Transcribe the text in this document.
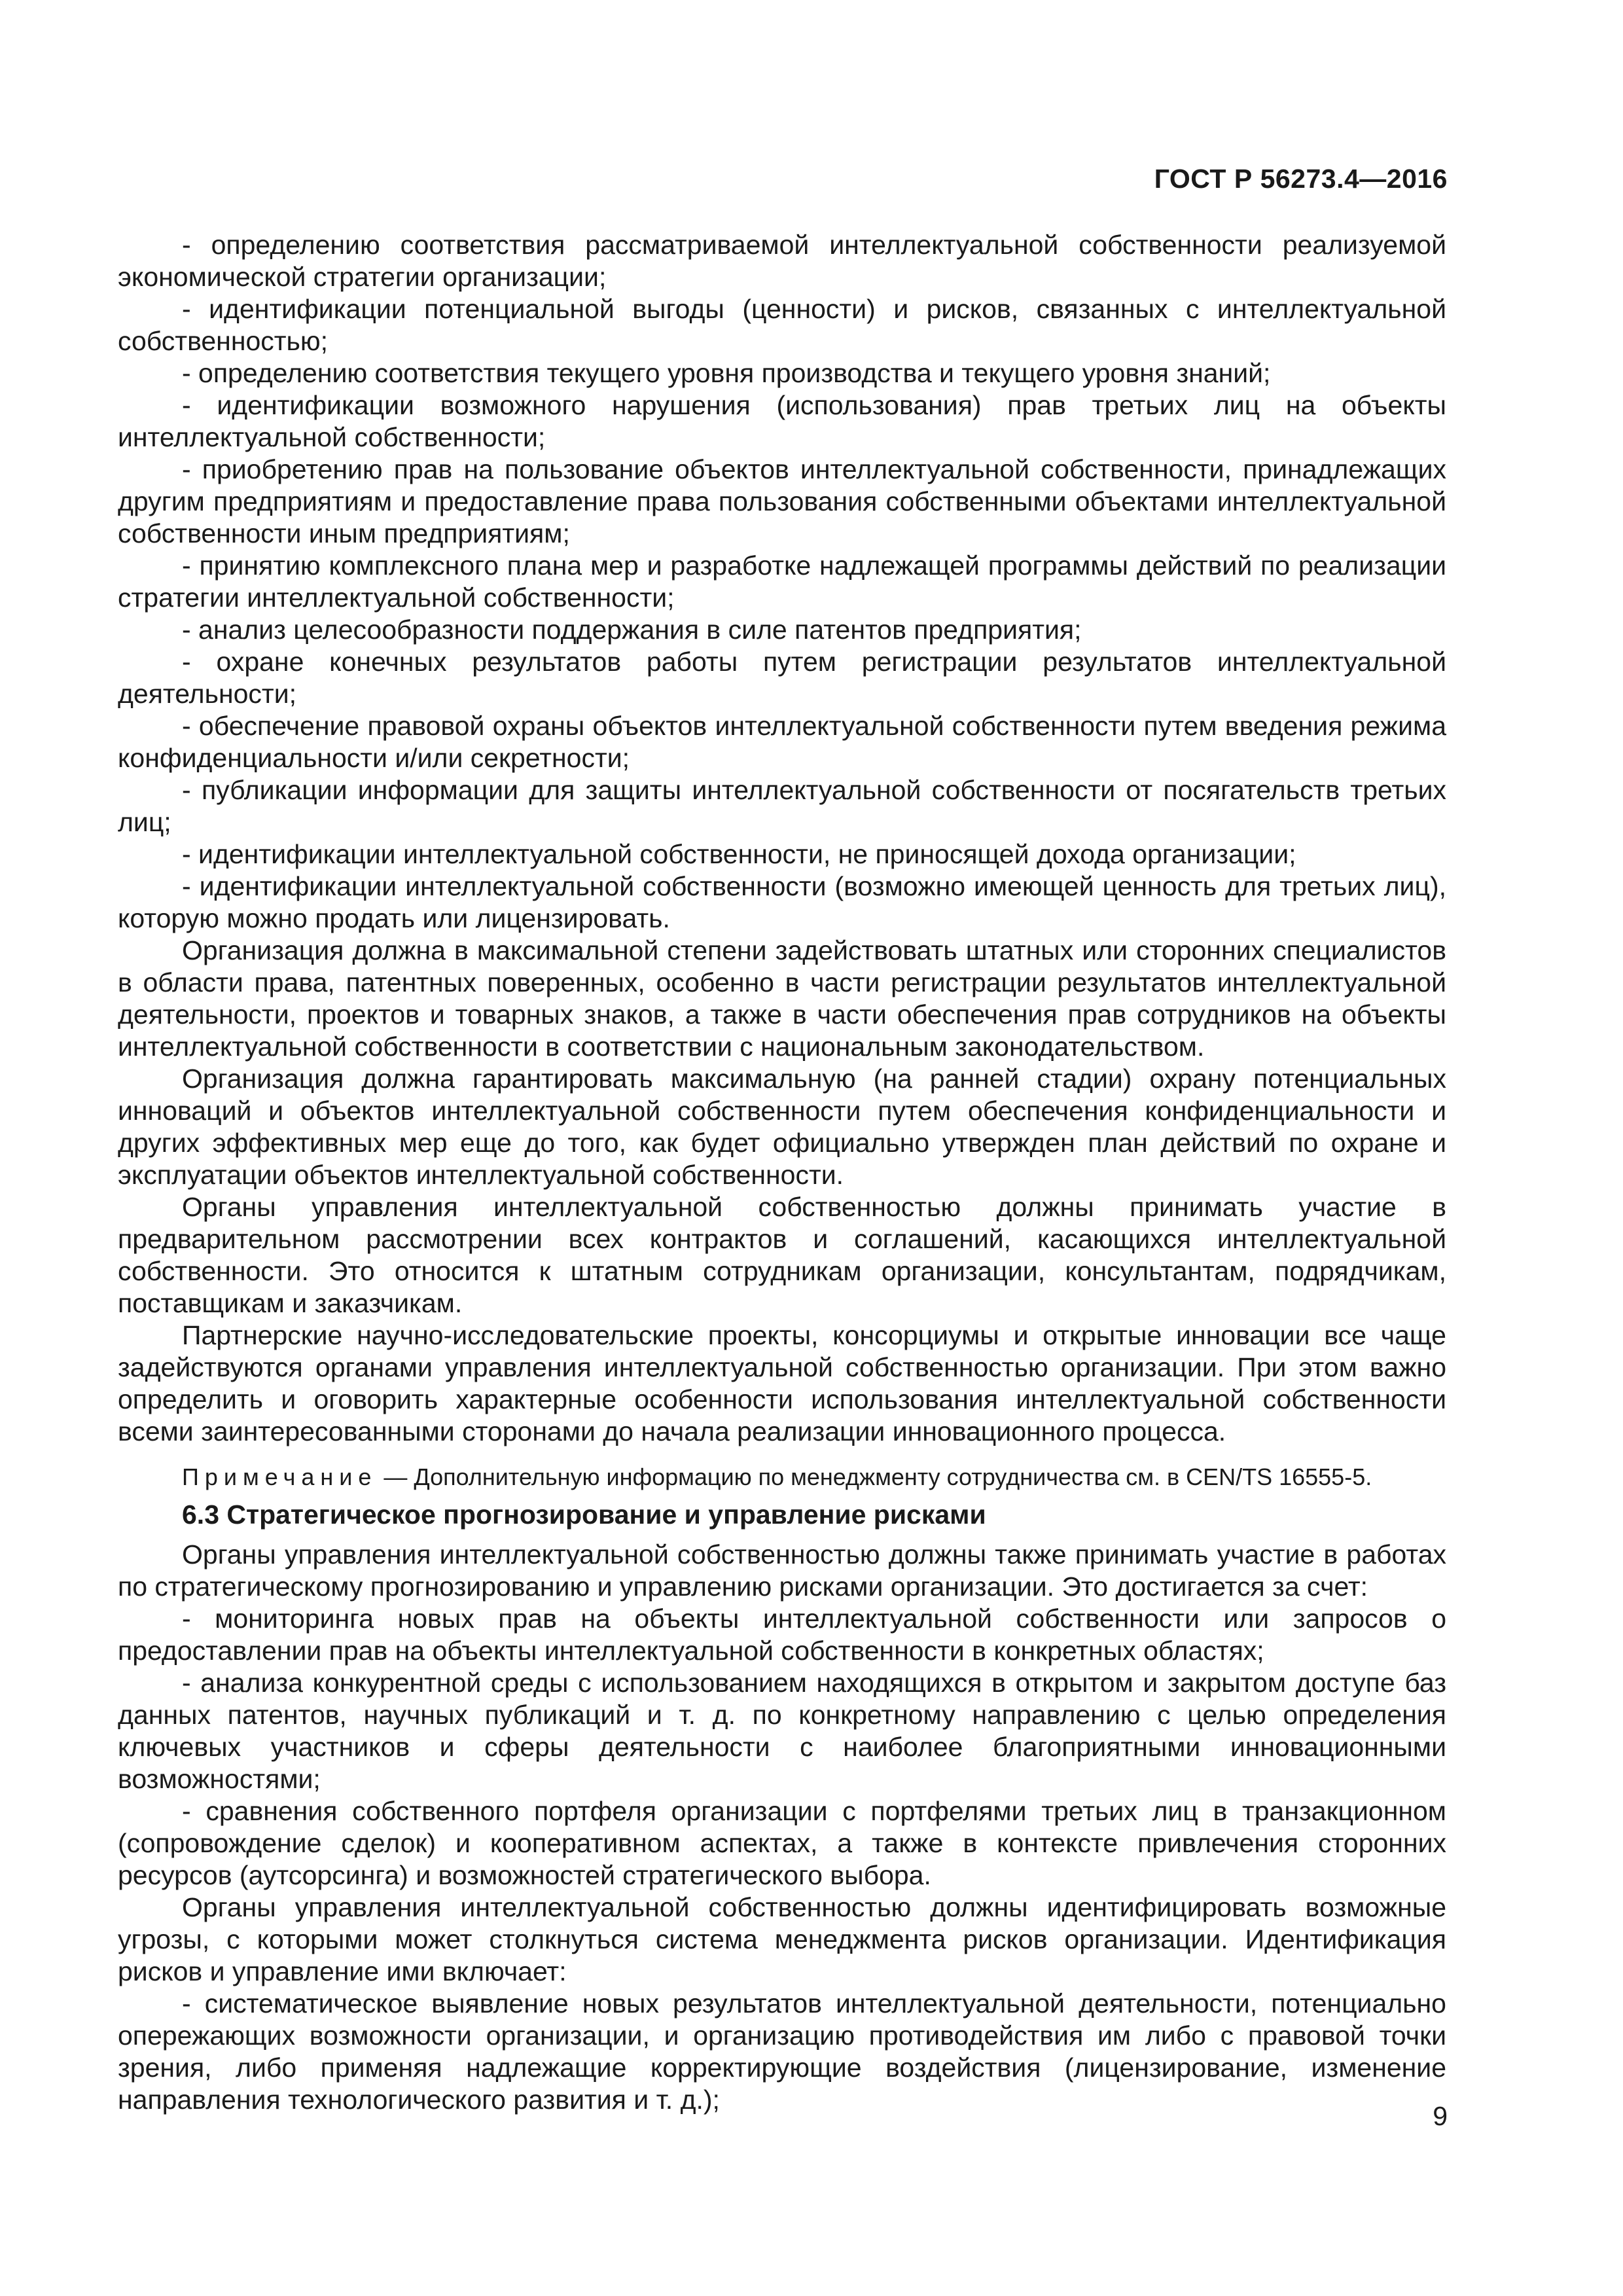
ГОСТ Р 56273.4—2016

- определению соответствия рассматриваемой интеллектуальной собственности реализуемой экономической стратегии организации;

- идентификации потенциальной выгоды (ценности) и рисков, связанных с интеллектуальной собственностью;

- определению соответствия текущего уровня производства и текущего уровня знаний;

- идентификации возможного нарушения (использования) прав третьих лиц на объекты интеллектуальной собственности;

- приобретению прав на пользование объектов интеллектуальной собственности, принадлежащих другим предприятиям и предоставление права пользования собственными объектами интеллектуальной собственности иным предприятиям;

- принятию комплексного плана мер и разработке надлежащей программы действий по реализации стратегии интеллектуальной собственности;

- анализ целесообразности поддержания в силе патентов предприятия;

- охране конечных результатов работы путем регистрации результатов интеллектуальной деятельности;

- обеспечение правовой охраны объектов интеллектуальной собственности путем введения режима конфиденциальности и/или секретности;

- публикации информации для защиты интеллектуальной собственности от посягательств третьих лиц;

- идентификации интеллектуальной собственности, не приносящей дохода организации;

- идентификации интеллектуальной собственности (возможно имеющей ценность для третьих лиц), которую можно продать или лицензировать.

Организация должна в максимальной степени задействовать штатных или сторонних специалистов в области права, патентных поверенных, особенно в части регистрации результатов интеллектуальной деятельности, проектов и товарных знаков, а также в части обеспечения прав сотрудников на объекты интеллектуальной собственности в соответствии с национальным законодательством.

Организация должна гарантировать максимальную (на ранней стадии) охрану потенциальных инноваций и объектов интеллектуальной собственности путем обеспечения конфиденциальности и других эффективных мер еще до того, как будет официально утвержден план действий по охране и эксплуатации объектов интеллектуальной собственности.

Органы управления интеллектуальной собственностью должны принимать участие в предварительном рассмотрении всех контрактов и соглашений, касающихся интеллектуальной собственности. Это относится к штатным сотрудникам организации, консультантам, подрядчикам, поставщикам и заказчикам.

Партнерские научно-исследовательские проекты, консорциумы и открытые инновации все чаще задействуются органами управления интеллектуальной собственностью организации. При этом важно определить и оговорить характерные особенности использования интеллектуальной собственности всеми заинтересованными сторонами до начала реализации инновационного процесса.

Примечание — Дополнительную информацию по менеджменту сотрудничества см. в CEN/TS 16555-5.

6.3 Стратегическое прогнозирование и управление рисками

Органы управления интеллектуальной собственностью должны также принимать участие в работах по стратегическому прогнозированию и управлению рисками организации. Это достигается за счет:

- мониторинга новых прав на объекты интеллектуальной собственности или запросов о предоставлении прав на объекты интеллектуальной собственности в конкретных областях;

- анализа конкурентной среды с использованием находящихся в открытом и закрытом доступе баз данных патентов, научных публикаций и т. д. по конкретному направлению с целью определения ключевых участников и сферы деятельности с наиболее благоприятными инновационными возможностями;

- сравнения собственного портфеля организации с портфелями третьих лиц в транзакционном (сопровождение сделок) и кооперативном аспектах, а также в контексте привлечения сторонних ресурсов (аутсорсинга) и возможностей стратегического выбора.

Органы управления интеллектуальной собственностью должны идентифицировать возможные угрозы, с которыми может столкнуться система менеджмента рисков организации. Идентификация рисков и управление ими включает:

- систематическое выявление новых результатов интеллектуальной деятельности, потенциально опережающих возможности организации, и организацию противодействия им либо с правовой точки зрения, либо применяя надлежащие корректирующие воздействия (лицензирование, изменение направления технологического развития и т. д.);

9
